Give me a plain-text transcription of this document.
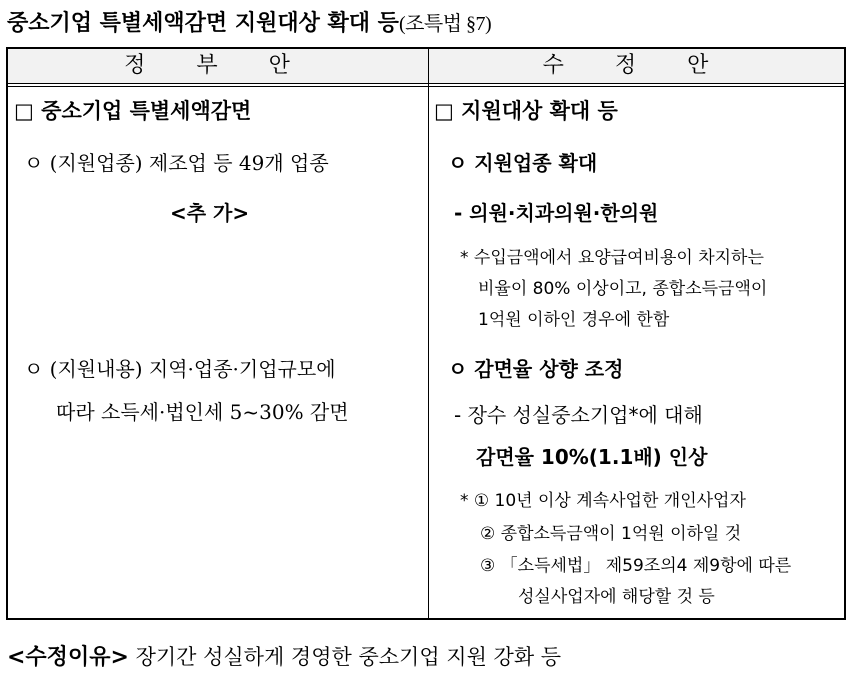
중소기업 특별세액감면 지원대상 확대 등(조특법 §7)
정 부 안	수 정 안
□ 중소기업 특별세액감면
ㅇ (지원업종) 제조업 등 49개 업종
<추 가>
ㅇ (지원내용) 지역·업종·기업규모에
따라 소득세·법인세 5~30% 감면
□ 지원대상 확대 등
ㅇ 지원업종 확대
- 의원·치과의원·한의원
* 수입금액에서 요양급여비용이 차지하는
비율이 80% 이상이고, 종합소득금액이
1억원 이하인 경우에 한함
ㅇ 감면율 상향 조정
- 장수 성실중소기업*에 대해
감면율 10%(1.1배) 인상
* ① 10년 이상 계속사업한 개인사업자
② 종합소득금액이 1억원 이하일 것
③ 「소득세법」 제59조의4 제9항에 따른
성실사업자에 해당할 것 등
<수정이유> 장기간 성실하게 경영한 중소기업 지원 강화 등
